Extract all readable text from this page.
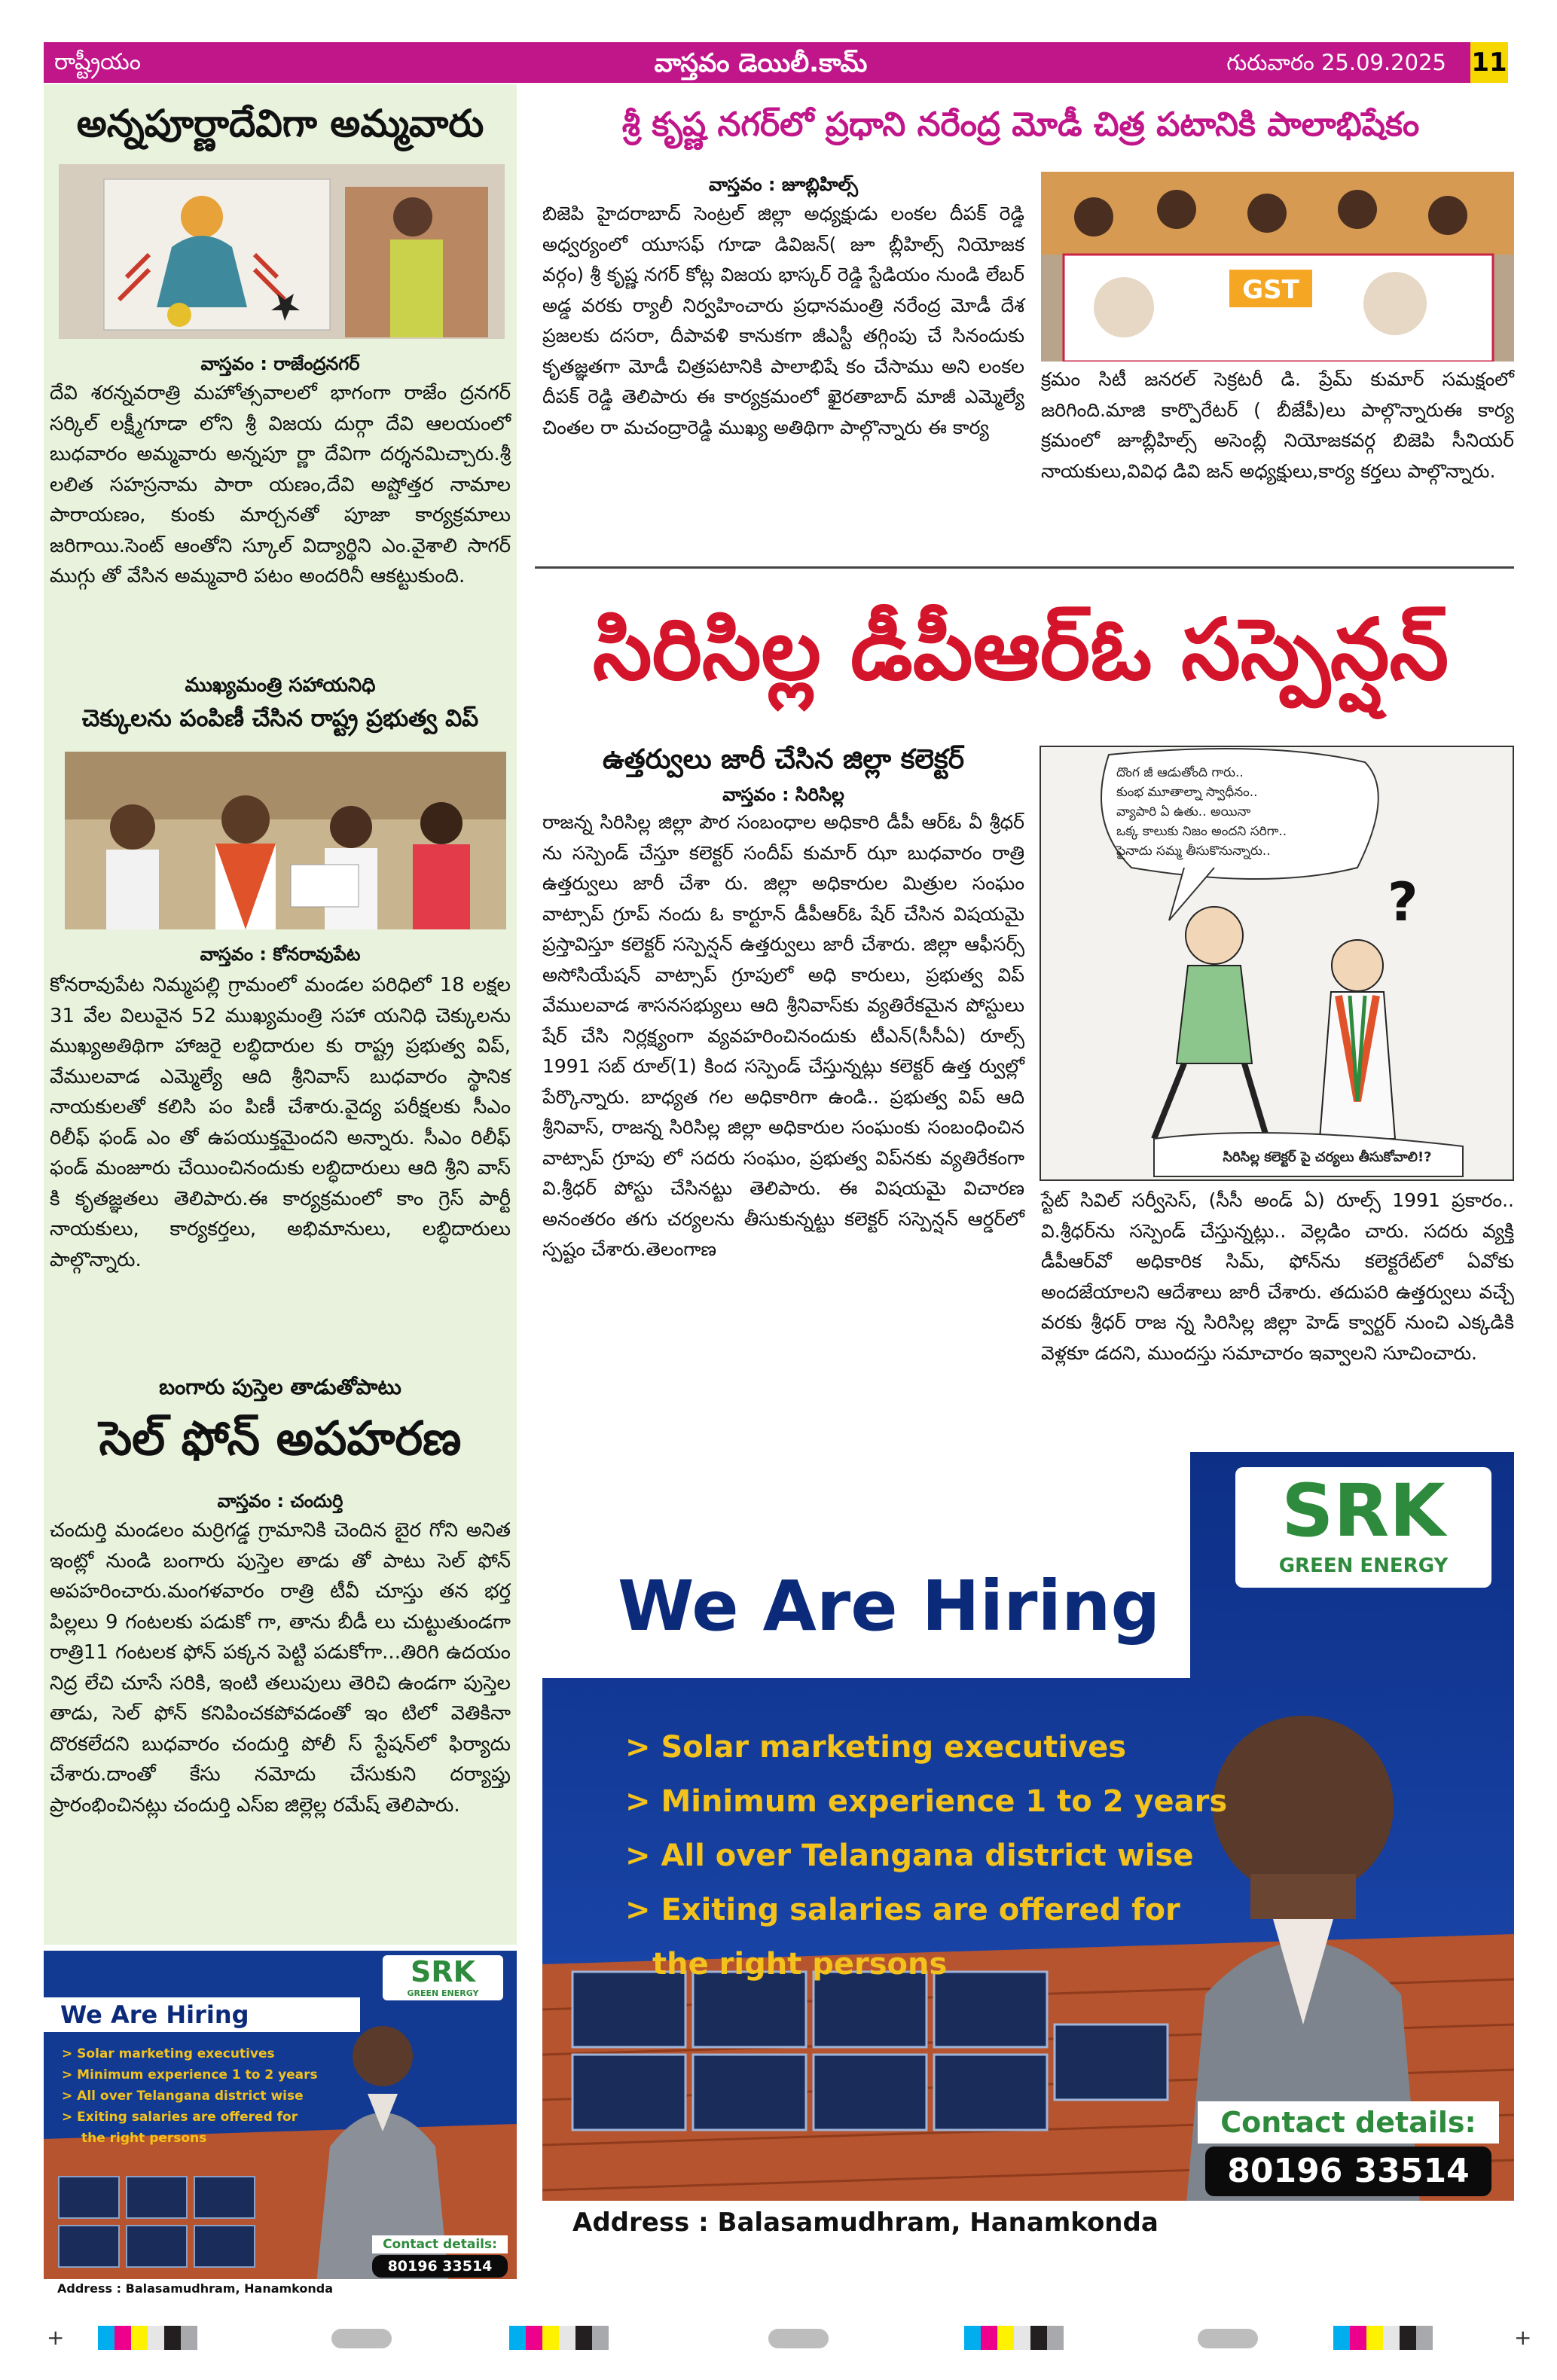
రాష్ట్రీయం	వాస్తవం డెయిలీ.కామ్	గురువారం 25.09.2025 11
అన్నపూర్ణాదేవిగా అమ్మవారు
వాస్తవం : రాజేంద్రనగర్
దేవి శరన్నవరాత్రి మహోత్సవాలలో భాగంగా రాజేం ద్రనగర్ సర్కిల్ లక్ష్మీగూడా లోని శ్రీ విజయ దుర్గా దేవి ఆలయంలో బుధవారం అమ్మవారు అన్నపూ ర్ణా దేవిగా దర్శనమిచ్చారు.శ్రీ లలిత సహస్రనామ పారా యణం,దేవి అష్టోత్తర నామాల పారాయణం, కుంకు మార్చనతో పూజా కార్యక్రమాలు జరిగాయి.సెంట్ ఆంతోని స్కూల్ విద్యార్థిని ఎం.వైశాలి సాగర్ ముగ్గు తో వేసిన అమ్మవారి పటం అందరినీ ఆకట్టుకుంది.
ముఖ్యమంత్రి సహాయనిధి
చెక్కులను పంపిణీ చేసిన రాష్ట్ర ప్రభుత్వ విప్
వాస్తవం : కోనరావుపేట
కోనరావుపేట నిమ్మపల్లి గ్రామంలో మండల పరిధిలో 18 లక్షల 31 వేల విలువైన 52 ముఖ్యమంత్రి సహా యనిధి చెక్కులను ముఖ్యఅతిథిగా హాజరై లబ్ధిదారుల కు రాష్ట్ర ప్రభుత్వ విప్, వేములవాడ ఎమ్మెల్యే ఆది శ్రీనివాస్ బుధవారం స్థానిక నాయకులతో కలిసి పం పిణీ చేశారు.వైద్య పరీక్షలకు సీఎం రిలీఫ్ ఫండ్ ఎం తో ఉపయుక్తమైందని అన్నారు. సీఎం రిలీఫ్ ఫండ్ మంజూరు చేయించినందుకు లబ్ధిదారులు ఆది శ్రీని వాస్ కి కృతజ్ఞతలు తెలిపారు.ఈ కార్యక్రమంలో కాం గ్రెస్ పార్టీ నాయకులు, కార్యకర్తలు, అభిమానులు, లబ్ధిదారులు పాల్గొన్నారు.
బంగారు పుస్తెల తాడుతోపాటు
సెల్ ఫోన్ అపహరణ
వాస్తవం : చందుర్తి
చందుర్తి మండలం మర్రిగడ్డ గ్రామానికి చెందిన బైర గోని అనిత ఇంట్లో నుండి బంగారు పుస్తెల తాడు తో పాటు సెల్ ఫోన్ అపహరించారు.మంగళవారం రాత్రి టీవీ చూస్తు తన భర్త పిల్లలు 9 గంటలకు పడుకో గా, తాను బీడీ లు చుట్టుతుండగా రాత్రి11 గంటలక ఫోన్ పక్కన పెట్టి పడుకోగా...తిరిగి ఉదయం నిద్ర లేచి చూసే సరికి, ఇంటి తలుపులు తెరిచి ఉండగా పుస్తెల తాడు, సెల్ ఫోన్ కనిపించకపోవడంతో ఇం టిలో వెతికినా దొరకలేదని బుధవారం చందుర్తి పోలీ స్ స్టేషన్‌లో ఫిర్యాదు చేశారు.దాంతో కేసు నమోదు చేసుకుని దర్యాప్తు ప్రారంభించినట్లు చందుర్తి ఎస్ఐ జిల్లెల్ల రమేష్ తెలిపారు.
SRK
GREEN ENERGY
We Are Hiring
> Solar marketing executives
> Minimum experience 1 to 2 years
> All over Telangana district wise
> Exiting salaries are offered for
the right persons
Contact details:
80196 33514
Address : Balasamudhram, Hanamkonda
శ్రీ కృష్ణ నగర్‌లో ప్రధాని నరేంద్ర మోడీ చిత్ర పటానికి పాలాభిషేకం
వాస్తవం : జూబ్లిహిల్స్
బిజెపి హైదరాబాద్ సెంట్రల్ జిల్లా అధ్యక్షుడు లంకల దీపక్ రెడ్డి అధ్వర్యంలో యూసఫ్ గూడా డివిజన్( జూ బ్లీహిల్స్ నియోజక వర్గం) శ్రీ కృష్ణ నగర్ కోట్ల విజయ భాస్కర్ రెడ్డి స్టేడియం నుండి లేబర్ అడ్డ వరకు ర్యాలీ నిర్వహించారు ప్రధానమంత్రి నరేంద్ర మోడీ దేశ ప్రజలకు దసరా, దీపావళి కానుకగా జీఎస్టీ తగ్గింపు చే సినందుకు కృతజ్ఞతగా మోడీ చిత్రపటానికి పాలాభిషే కం చేసాము అని లంకల దీపక్ రెడ్డి తెలిపారు ఈ కార్యక్రమంలో ఖైరతాబాద్ మాజీ ఎమ్మెల్యే చింతల రా మచంద్రారెడ్డి ముఖ్య అతిథిగా పాల్గొన్నారు ఈ కార్య
GST
క్రమం సిటీ జనరల్ సెక్రటరీ డి. ప్రేమ్ కుమార్ సమక్షంలో జరిగింది.మాజి కార్పొరేటర్ ( బీజేపీ)లు పాల్గొన్నారుఈ కార్య క్రమంలో జూబ్లీహిల్స్ అసెంబ్లీ నియోజకవర్గ బిజెపి సీనియర్ నాయకులు,వివిధ డివి జన్ అధ్యక్షులు,కార్య కర్తలు పాల్గొన్నారు.
సిరిసిల్ల డీపీఆర్ఓ సస్పెన్షన్
ఉత్తర్వులు జారీ చేసిన జిల్లా కలెక్టర్
వాస్తవం : సిరిసిల్ల
రాజన్న సిరిసిల్ల జిల్లా పౌర సంబంధాల అధికారి డీపీ ఆర్ఓ వీ శ్రీధర్ ను సస్పెండ్ చేస్తూ కలెక్టర్ సందీప్ కుమార్ ఝా బుధవారం రాత్రి ఉత్తర్వులు జారీ చేశా రు. జిల్లా అధికారుల మిత్రుల సంఘం వాట్సాప్ గ్రూప్ నందు ఓ కార్టూన్ డీపీఆర్ఓ షేర్ చేసిన విషయమై ప్రస్తావిస్తూ కలెక్టర్ సస్పెన్షన్ ఉత్తర్వులు జారీ చేశారు. జిల్లా ఆఫీసర్స్ అసోసియేషన్ వాట్సాప్ గ్రూపులో అధి కారులు, ప్రభుత్వ విప్ వేములవాడ శాసనసభ్యులు ఆది శ్రీనివాస్‌కు వ్యతిరేకమైన పోస్టులు షేర్ చేసి నిర్లక్ష్యంగా వ్యవహరించినందుకు టీఎన్‌(సీసీఏ) రూల్స్ 1991 సబ్ రూల్(1) కింద సస్పెండ్ చేస్తున్నట్లు కలెక్టర్ ఉత్త ర్వుల్లో పేర్కొన్నారు. బాధ్యత గల అధికారిగా ఉండి.. ప్రభుత్వ విప్ ఆది శ్రీనివాస్, రాజన్న సిరిసిల్ల జిల్లా అధికారుల సంఘంకు సంబంధించిన వాట్సాప్ గ్రూపు లో సదరు సంఘం, ప్రభుత్వ విప్‌నకు వ్యతిరేకంగా వి.శ్రీధర్ పోస్టు చేసినట్టు తెలిపారు. ఈ విషయమై విచారణ అనంతరం తగు చర్యలను తీసుకున్నట్టు కలెక్టర్ సస్పెన్షన్ ఆర్డర్‌లో స్పష్టం చేశారు.తెలంగాణ
?
దొంగ జీ ఆడుతోంది గారు..
కుంభ మూతాల్నా స్వాధీనం..
వ్యాపారి ఏ ఉతు.. అయినా
ఒక్క కాలుకు నిజం అందని సరిగా..
పైనాదు సమ్మ తీసుకొనున్నారు..
సిరిసిల్ల కలెక్టర్ పై చర్యలు తీసుకోవాలి!?
స్టేట్ సివిల్ సర్వీసెస్, (సీసీ అండ్ ఏ) రూల్స్ 1991 ప్రకారం.. వి.శ్రీధర్‌ను సస్పెండ్ చేస్తున్నట్లు.. వెల్లడిం చారు. సదరు వ్యక్తి డీపీఆర్‌వో అధికారిక సిమ్, ఫోన్‌ను కలెక్టరేట్‌లో ఏవోకు అందజేయాలని ఆదేశాలు జారీ చేశారు. తదుపరి ఉత్తర్వులు వచ్చే వరకు శ్రీధర్ రాజ న్న సిరిసిల్ల జిల్లా హెడ్ క్వార్టర్ నుంచి ఎక్కడికి వెళ్లకూ డదని, ముందస్తు సమాచారం ఇవ్వాలని సూచించారు.
SRK
GREEN ENERGY
We Are Hiring
> Solar marketing executives
> Minimum experience 1 to 2 years
> All over Telangana district wise
> Exiting salaries are offered for
the right persons
Contact details:
80196 33514
Address : Balasamudhram, Hanamkonda
+	+
